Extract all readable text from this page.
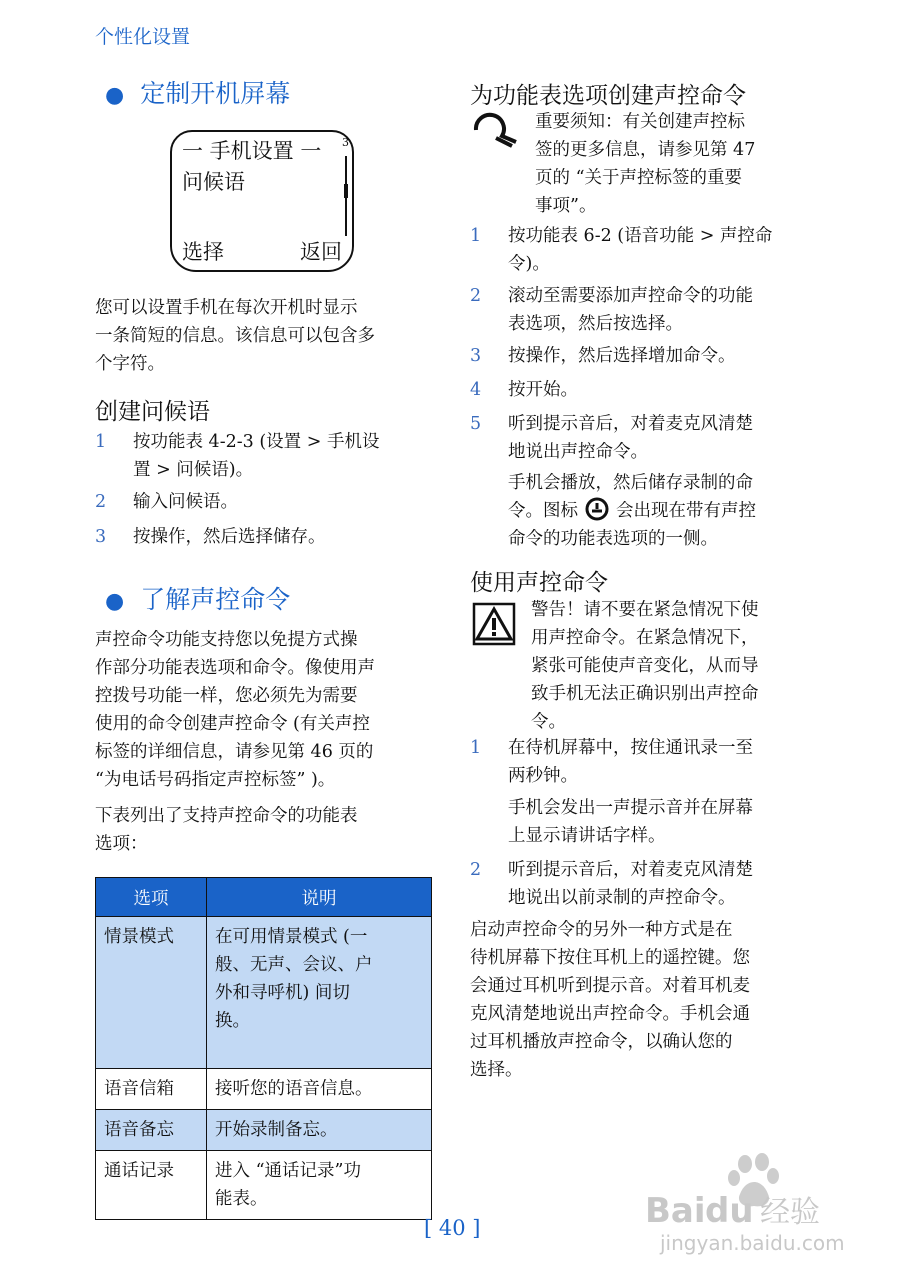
个性化设置
● 定制开机屏幕
一 手机设置 一 3
问候语
选择	返回
您可以设置手机在每次开机时显示
一条简短的信息。该信息可以包含多
个字符。
创建问候语
1 按功能表 4-2-3 (设置 > 手机设
置 > 问候语)。
2 输入问候语。
3 按操作，然后选择储存。
● 了解声控命令
声控命令功能支持您以免提方式操
作部分功能表选项和命令。像使用声
控拨号功能一样，您必须先为需要
使用的命令创建声控命令 (有关声控
标签的详细信息，请参见第 46 页的
“为电话号码指定声控标签” )。
下表列出了支持声控命令的功能表
选项：
选项	说明
情景模式	在可用情景模式 (一
般、无声、会议、户
外和寻呼机) 间切
换。

语音信箱	接听您的语音信息。
语音备忘	开始录制备忘。
通话记录	进入 “通话记录”功
能表。
为功能表选项创建声控命令
重要须知：有关创建声控标
签的更多信息，请参见第 47
页的 “关于声控标签的重要
事项”。
1 按功能表 6-2 (语音功能 > 声控命
令)。
2 滚动至需要添加声控命令的功能
表选项，然后按选择。
3 按操作，然后选择增加命令。
4 按开始。
5 听到提示音后，对着麦克风清楚
地说出声控命令。
手机会播放，然后储存录制的命
令。图标 会出现在带有声控
命令的功能表选项的一侧。
使用声控命令
警告！请不要在紧急情况下使
用声控命令。在紧急情况下，
紧张可能使声音变化，从而导
致手机无法正确识别出声控命
令。
1 在待机屏幕中，按住通讯录一至
两秒钟。
手机会发出一声提示音并在屏幕
上显示请讲话字样。
2 听到提示音后，对着麦克风清楚
地说出以前录制的声控命令。
启动声控命令的另外一种方式是在
待机屏幕下按住耳机上的遥控键。您
会通过耳机听到提示音。对着耳机麦
克风清楚地说出声控命令。手机会通
过耳机播放声控命令，以确认您的
选择。
Bai du 经验
jingyan.baidu.com
[ 40 ]
